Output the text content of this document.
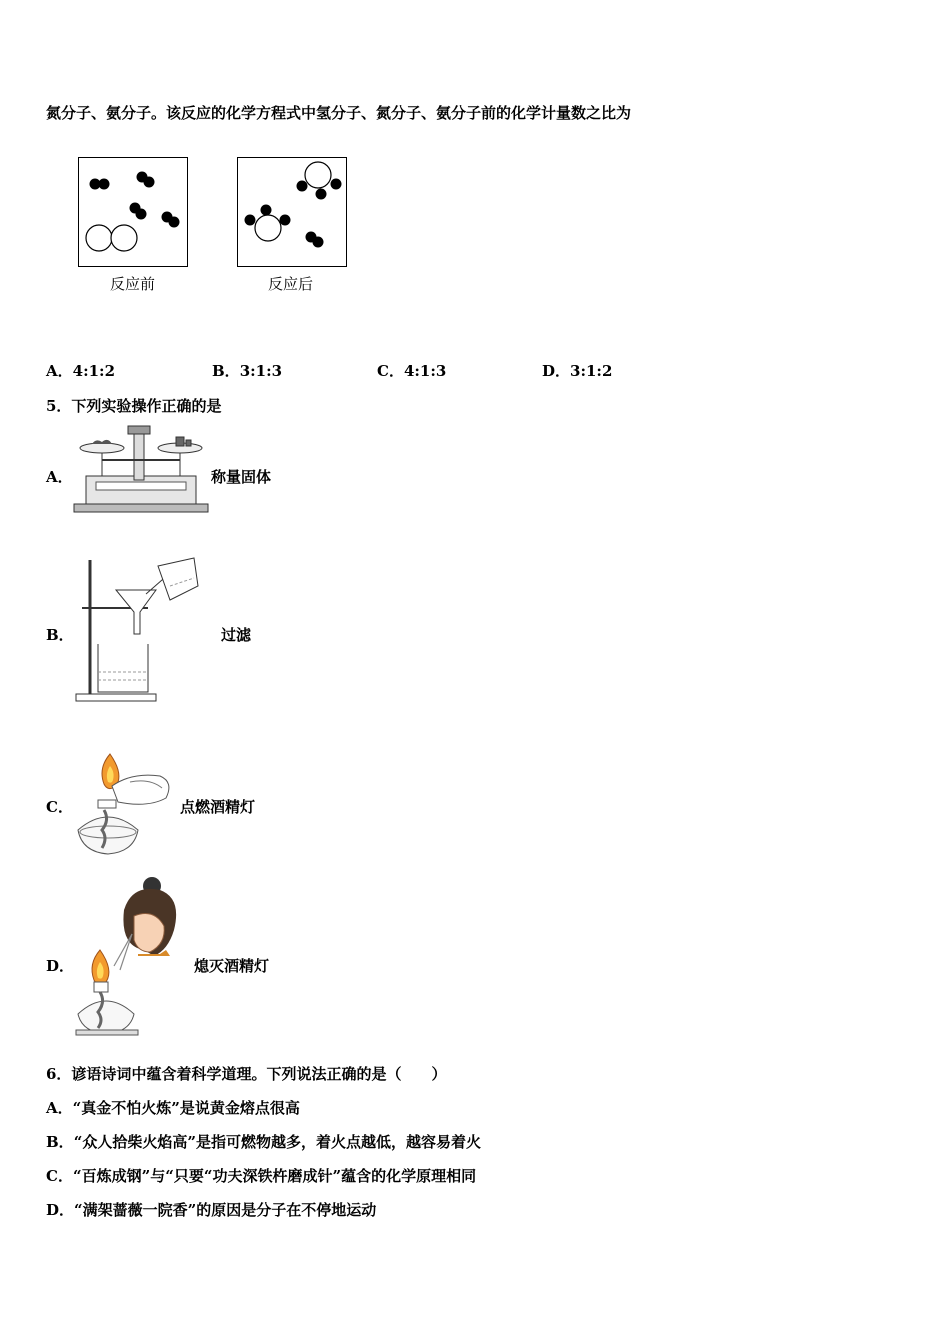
氮分子、氨分子。该反应的化学方程式中氢分子、氮分子、氨分子前的化学计量数之比为
反应前	反应后
A．4:1:2	B．3:1:3	C．4:1:3	D．3:1:2
5．下列实验操作正确的是
A．	称量固体
B．	过滤
C．	点燃酒精灯
D．	熄灭酒精灯
6．谚语诗词中蕴含着科学道理。下列说法正确的是（　　）
A．“真金不怕火炼”是说黄金熔点很高
B．“众人拾柴火焰高”是指可燃物越多，着火点越低，越容易着火
C．“百炼成钢”与“只要“功夫深铁杵磨成针”蕴含的化学原理相同
D．“满架蔷薇一院香”的原因是分子在不停地运动
